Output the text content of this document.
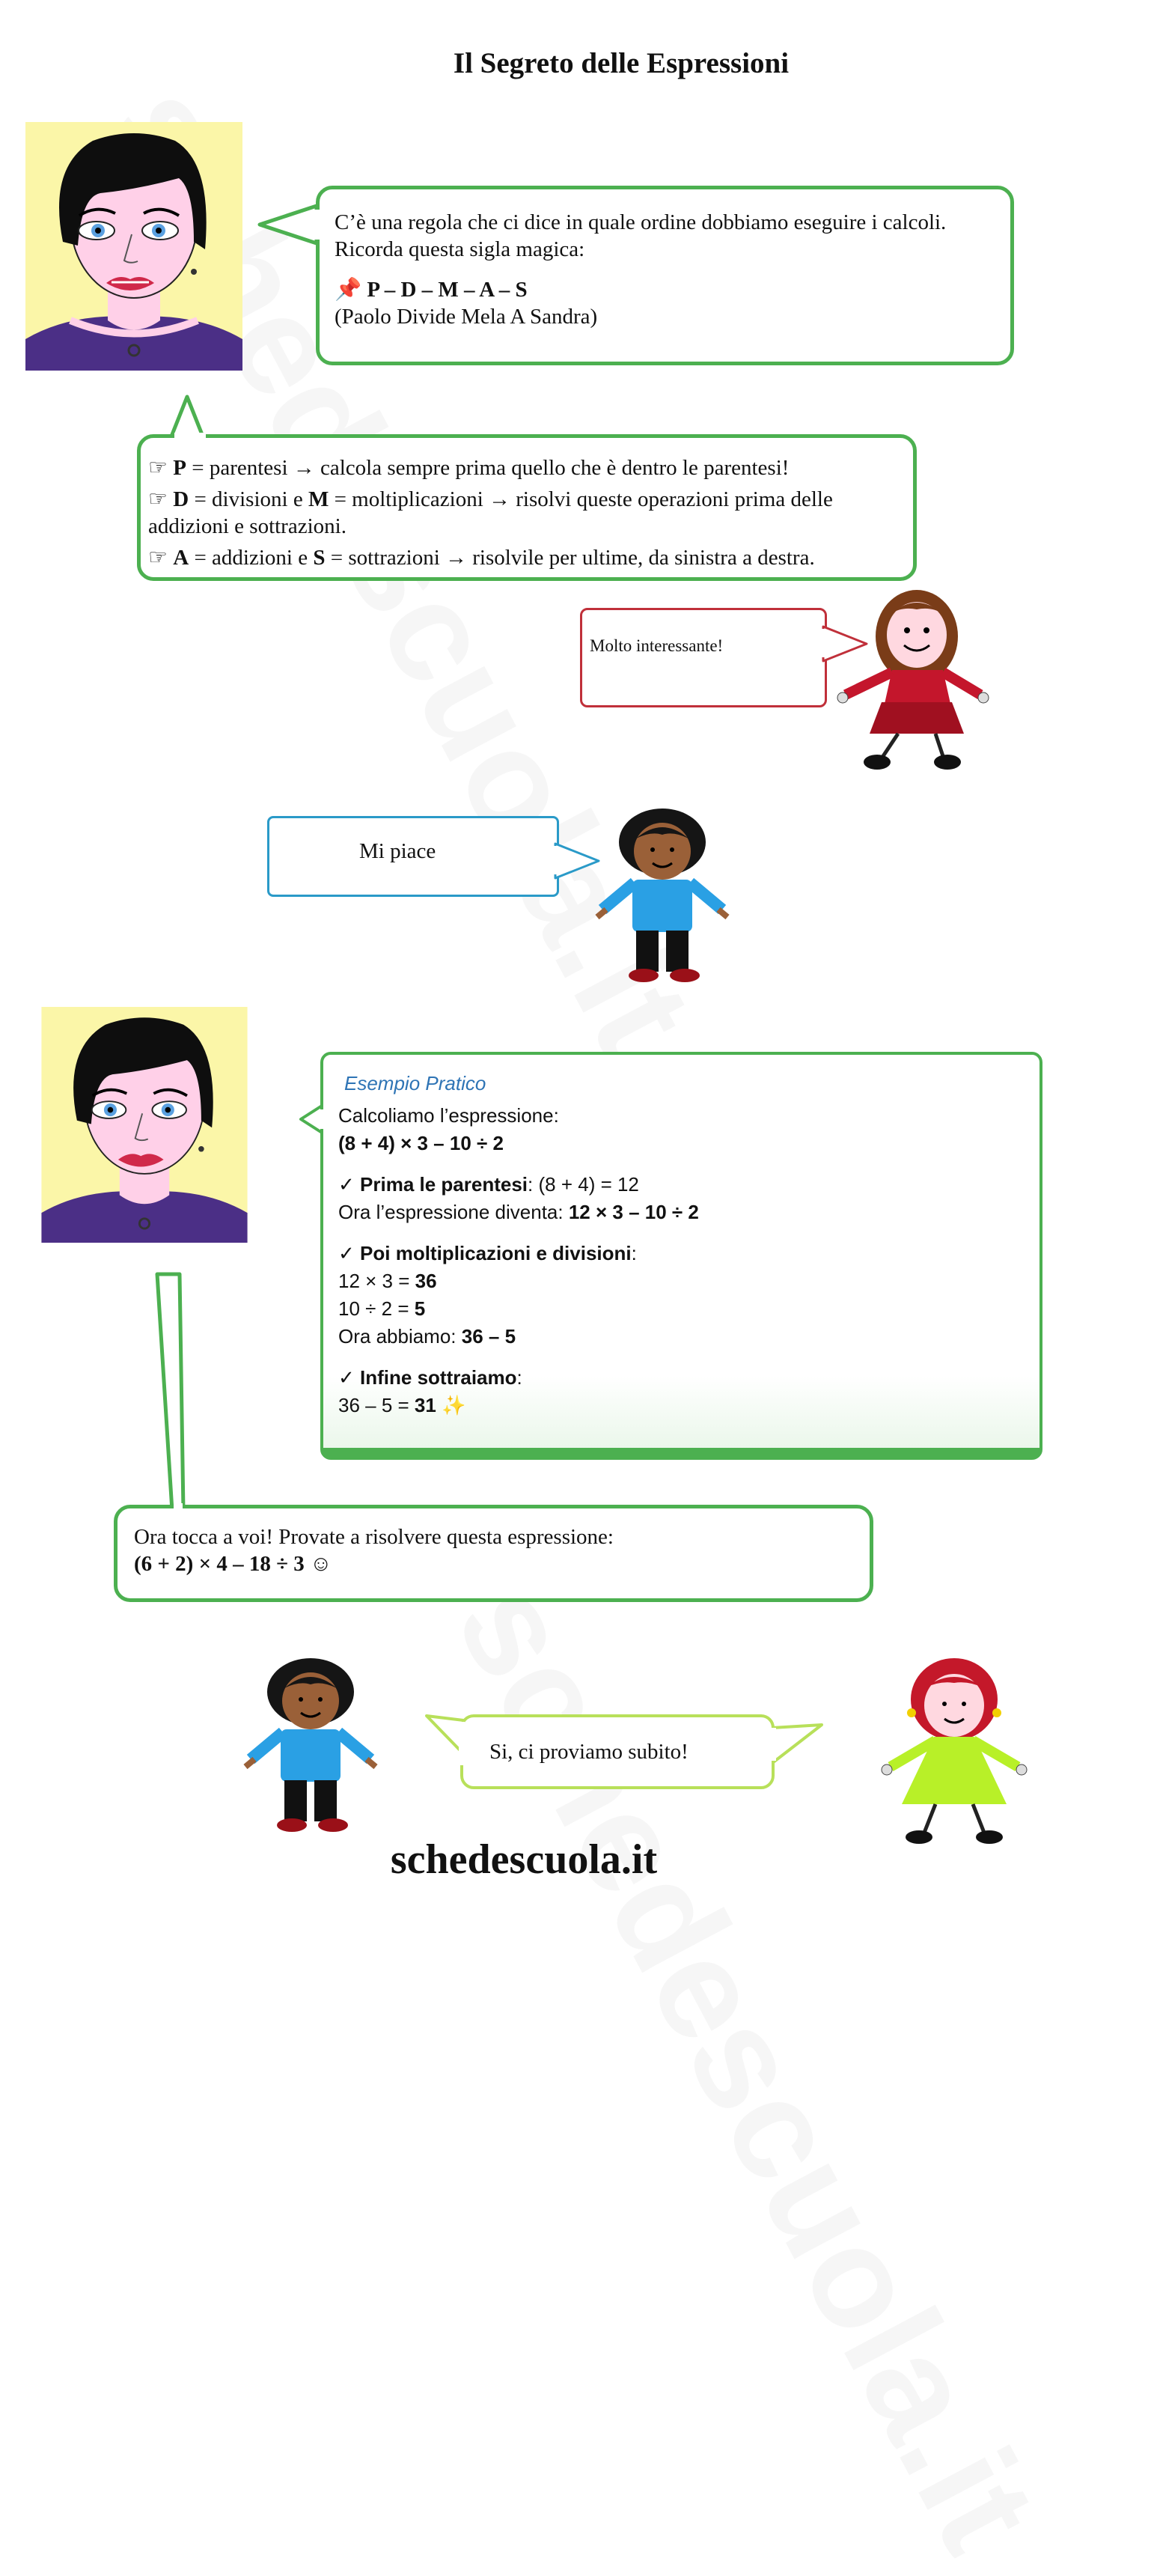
Il Segreto delle Espressioni
C’è una regola che ci dice in quale ordine dobbiamo eseguire i calcoli.
Ricorda questa sigla magica:
📌 P – D – M – A – S
(Paolo Divide Mela A Sandra)
☞ P = parentesi → calcola sempre prima quello che è dentro le parentesi!
☞ D = divisioni e M = moltiplicazioni → risolvi queste operazioni prima delle
addizioni e sottrazioni.
☞ A = addizioni e S = sottrazioni → risolvile per ultime, da sinistra a destra.
Molto interessante!
Mi piace
Esempio Pratico
Calcoliamo l’espressione:
(8 + 4) × 3 – 10 ÷ 2
✓ Prima le parentesi: (8 + 4) = 12
Ora l’espressione diventa: 12 × 3 – 10 ÷ 2
✓ Poi moltiplicazioni e divisioni:
12 × 3 = 36
10 ÷ 2 = 5
Ora abbiamo: 36 – 5
✓ Infine sottraiamo:
36 – 5 = 31 ✨
Ora tocca a voi! Provate a risolvere questa espressione:
(6 + 2) × 4 – 18 ÷ 3 ☺
Si, ci proviamo subito!
schedescuola.it
